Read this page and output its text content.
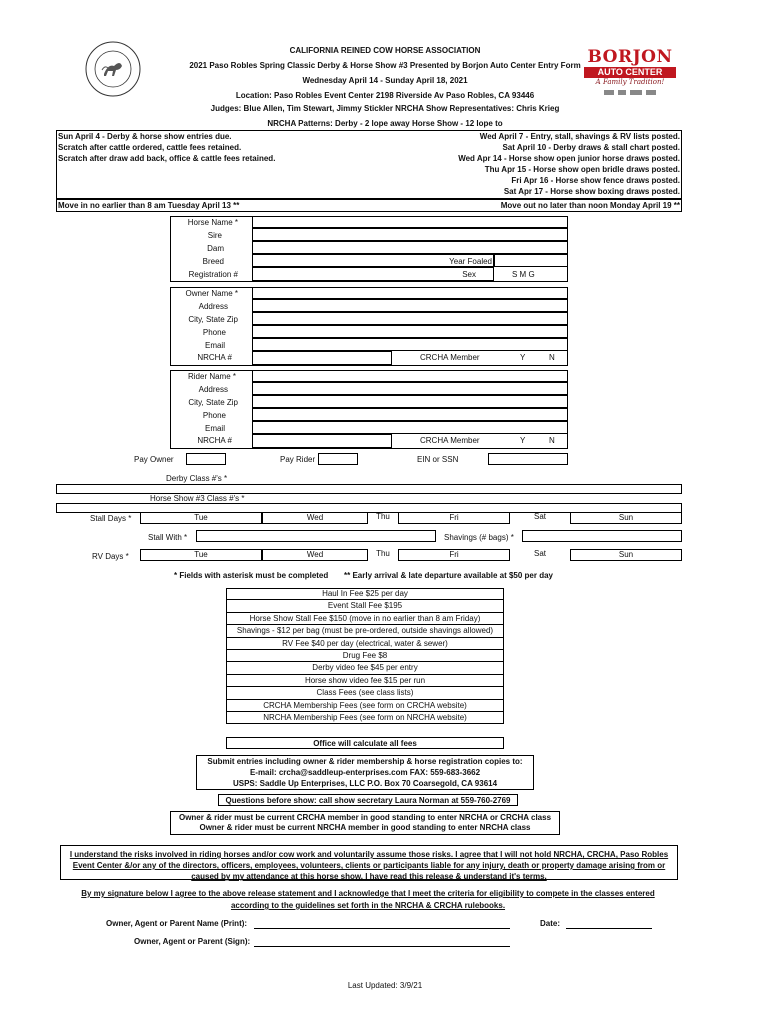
CALIFORNIA REINED COW HORSE ASSOCIATION
2021 Paso Robles Spring Classic Derby & Horse Show #3 Presented by Borjon Auto Center Entry Form
Wednesday April 14 - Sunday April 18, 2021
Location: Paso Robles Event Center 2198 Riverside Av Paso Robles, CA 93446
Judges: Blue Allen, Tim Stewart, Jimmy Stickler NRCHA Show Representatives: Chris Krieg
NRCHA Patterns: Derby - 2 lope away Horse Show - 12 lope to
BORJON
AUTO CENTER
A Family Tradition!
Sun April 4 - Derby & horse show entries due.
Scratch after cattle ordered, cattle fees retained.
Scratch after draw add back, office & cattle fees retained.
Wed April 7 - Entry, stall, shavings & RV lists posted.
Sat April 10 - Derby draws & stall chart posted.
Wed Apr 14 - Horse show open junior horse draws posted.
Thu Apr 15 - Horse show open bridle draws posted.
Fri Apr 16 - Horse show fence draws posted.
Sat Apr 17 - Horse show boxing draws posted.
Move in no earlier than 8 am Tuesday April 13 **	Move out no later than noon Monday April 19 **
Horse Name *
Sire
Dam
Breed
Registration #
Year Foaled
Sex	S M G
Owner Name *
Address
City, State Zip
Phone
Email
NRCHA #	CRCHA Member	Y	N
Rider Name *
Address
City, State Zip
Phone
Email
NRCHA #	CRCHA Member	Y	N
Pay Owner	Pay Rider	EIN or SSN
Derby Class #'s *
Horse Show #3 Class #'s *
Stall Days *	Tue	Wed	Thu	Fri	Sat	Sun
Stall With *	Shavings (# bags) *
RV Days *	Tue	Wed	Thu	Fri	Sat	Sun
* Fields with asterisk must be completed ** Early arrival & late departure available at $50 per day
Haul In Fee $25 per day
Event Stall Fee $195
Horse Show Stall Fee $150 (move in no earlier than 8 am Friday)
Shavings - $12 per bag (must be pre-ordered, outside shavings allowed)
RV Fee $40 per day (electrical, water & sewer)
Drug Fee $8
Derby video fee $45 per entry
Horse show video fee $15 per run
Class Fees (see class lists)
CRCHA Membership Fees (see form on CRCHA website)
NRCHA Membership Fees (see form on NRCHA website)
Office will calculate all fees
Submit entries including owner & rider membership & horse registration copies to:
E-mail: crcha@saddleup-enterprises.com FAX: 559-683-3662
USPS: Saddle Up Enterprises, LLC P.O. Box 70 Coarsegold, CA 93614
Questions before show: call show secretary Laura Norman at 559-760-2769
Owner & rider must be current CRCHA member in good standing to enter NRCHA or CRCHA class
Owner & rider must be current NRCHA member in good standing to enter NRCHA class
I understand the risks involved in riding horses and/or cow work and voluntarily assume those risks. I agree that I will not hold NRCHA, CRCHA, Paso Robles Event Center &/or any of the directors, officers, employees, volunteers, clients or participants liable for any injury, death or property damage arising from or caused by my attendance at this horse show. I have read this release & understand it's terms.
By my signature below I agree to the above release statement and I acknowledge that I meet the criteria for eligibility to compete in the classes entered according to the guidelines set forth in the NRCHA & CRCHA rulebooks.
Owner, Agent or Parent Name (Print):	Date:
Owner, Agent or Parent (Sign):
Last Updated: 3/9/21
